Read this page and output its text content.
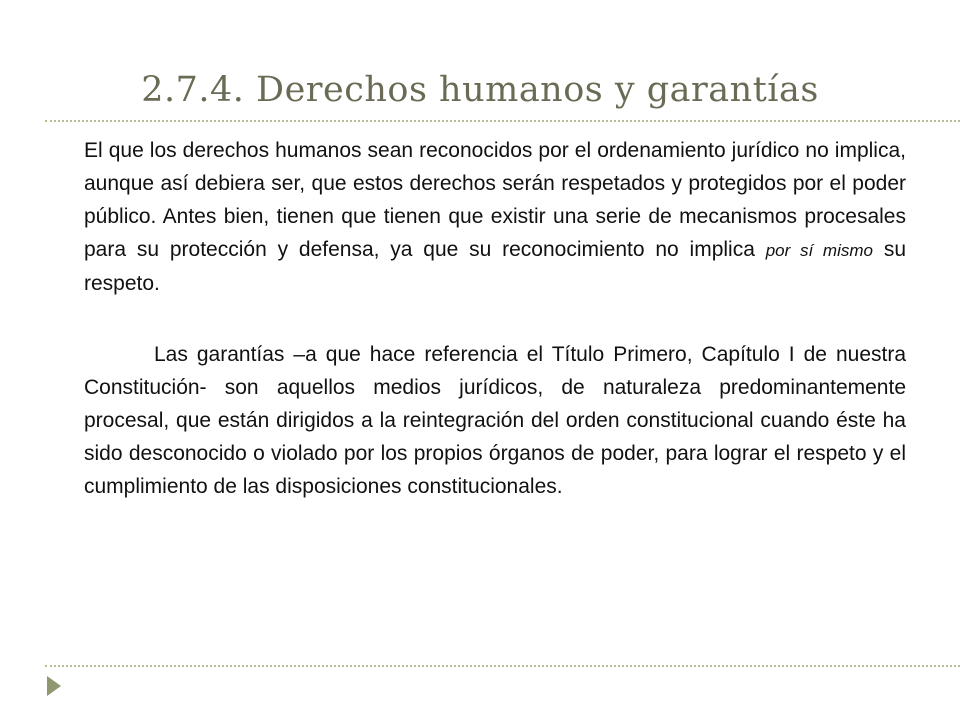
2.7.4. Derechos humanos y garantías

El que los derechos humanos sean reconocidos por el ordenamiento jurídico no implica, aunque así debiera ser, que estos derechos serán respetados y protegidos por el poder público. Antes bien, tienen que tienen que existir una serie de mecanismos procesales para su protección y defensa, ya que su reconocimiento no implica por sí mismo su respeto.

Las garantías –a que hace referencia el Título Primero, Capítulo I de nuestra Constitución- son aquellos medios jurídicos, de naturaleza predominantemente procesal, que están dirigidos a la reintegración del orden constitucional cuando éste ha sido desconocido o violado por los propios órganos de poder, para lograr el respeto y el cumplimiento de las disposiciones constitucionales.
